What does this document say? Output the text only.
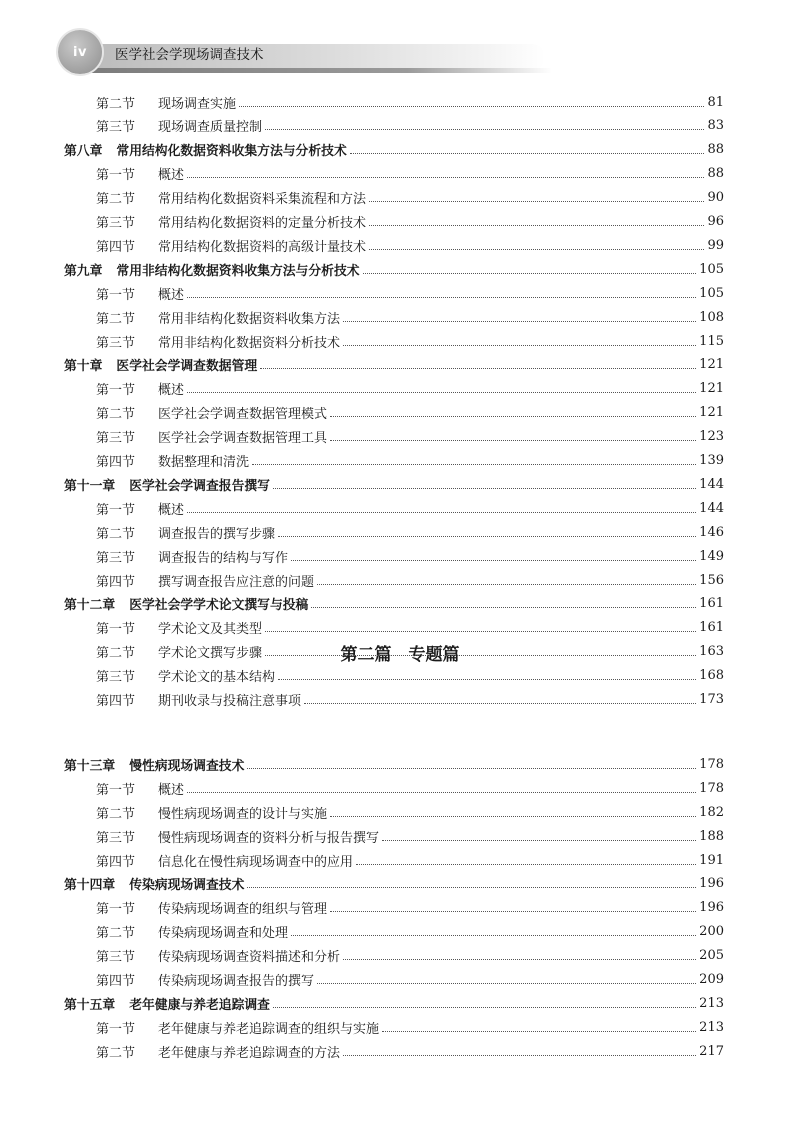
iv 医学社会学现场调查技术
第二篇　专题篇
第二节	现场调查实施	81
第三节	现场调查质量控制	83
第八章 常用结构化数据资料收集方法与分析技术	88
第一节	概述	88
第二节	常用结构化数据资料采集流程和方法	90
第三节	常用结构化数据资料的定量分析技术	96
第四节	常用结构化数据资料的高级计量技术	99
第九章 常用非结构化数据资料收集方法与分析技术	105
第一节	概述	105
第二节	常用非结构化数据资料收集方法	108
第三节	常用非结构化数据资料分析技术	115
第十章 医学社会学调查数据管理	121
第一节	概述	121
第二节	医学社会学调查数据管理模式	121
第三节	医学社会学调查数据管理工具	123
第四节	数据整理和清洗	139
第十一章 医学社会学调查报告撰写	144
第一节	概述	144
第二节	调查报告的撰写步骤	146
第三节	调查报告的结构与写作	149
第四节	撰写调查报告应注意的问题	156
第十二章 医学社会学学术论文撰写与投稿	161
第一节	学术论文及其类型	161
第二节	学术论文撰写步骤	163
第三节	学术论文的基本结构	168
第四节	期刊收录与投稿注意事项	173
第十三章 慢性病现场调查技术	178
第一节	概述	178
第二节	慢性病现场调查的设计与实施	182
第三节	慢性病现场调查的资料分析与报告撰写	188
第四节	信息化在慢性病现场调查中的应用	191
第十四章 传染病现场调查技术	196
第一节	传染病现场调查的组织与管理	196
第二节	传染病现场调查和处理	200
第三节	传染病现场调查资料描述和分析	205
第四节	传染病现场调查报告的撰写	209
第十五章 老年健康与养老追踪调查	213
第一节	老年健康与养老追踪调查的组织与实施	213
第二节	老年健康与养老追踪调查的方法	217
